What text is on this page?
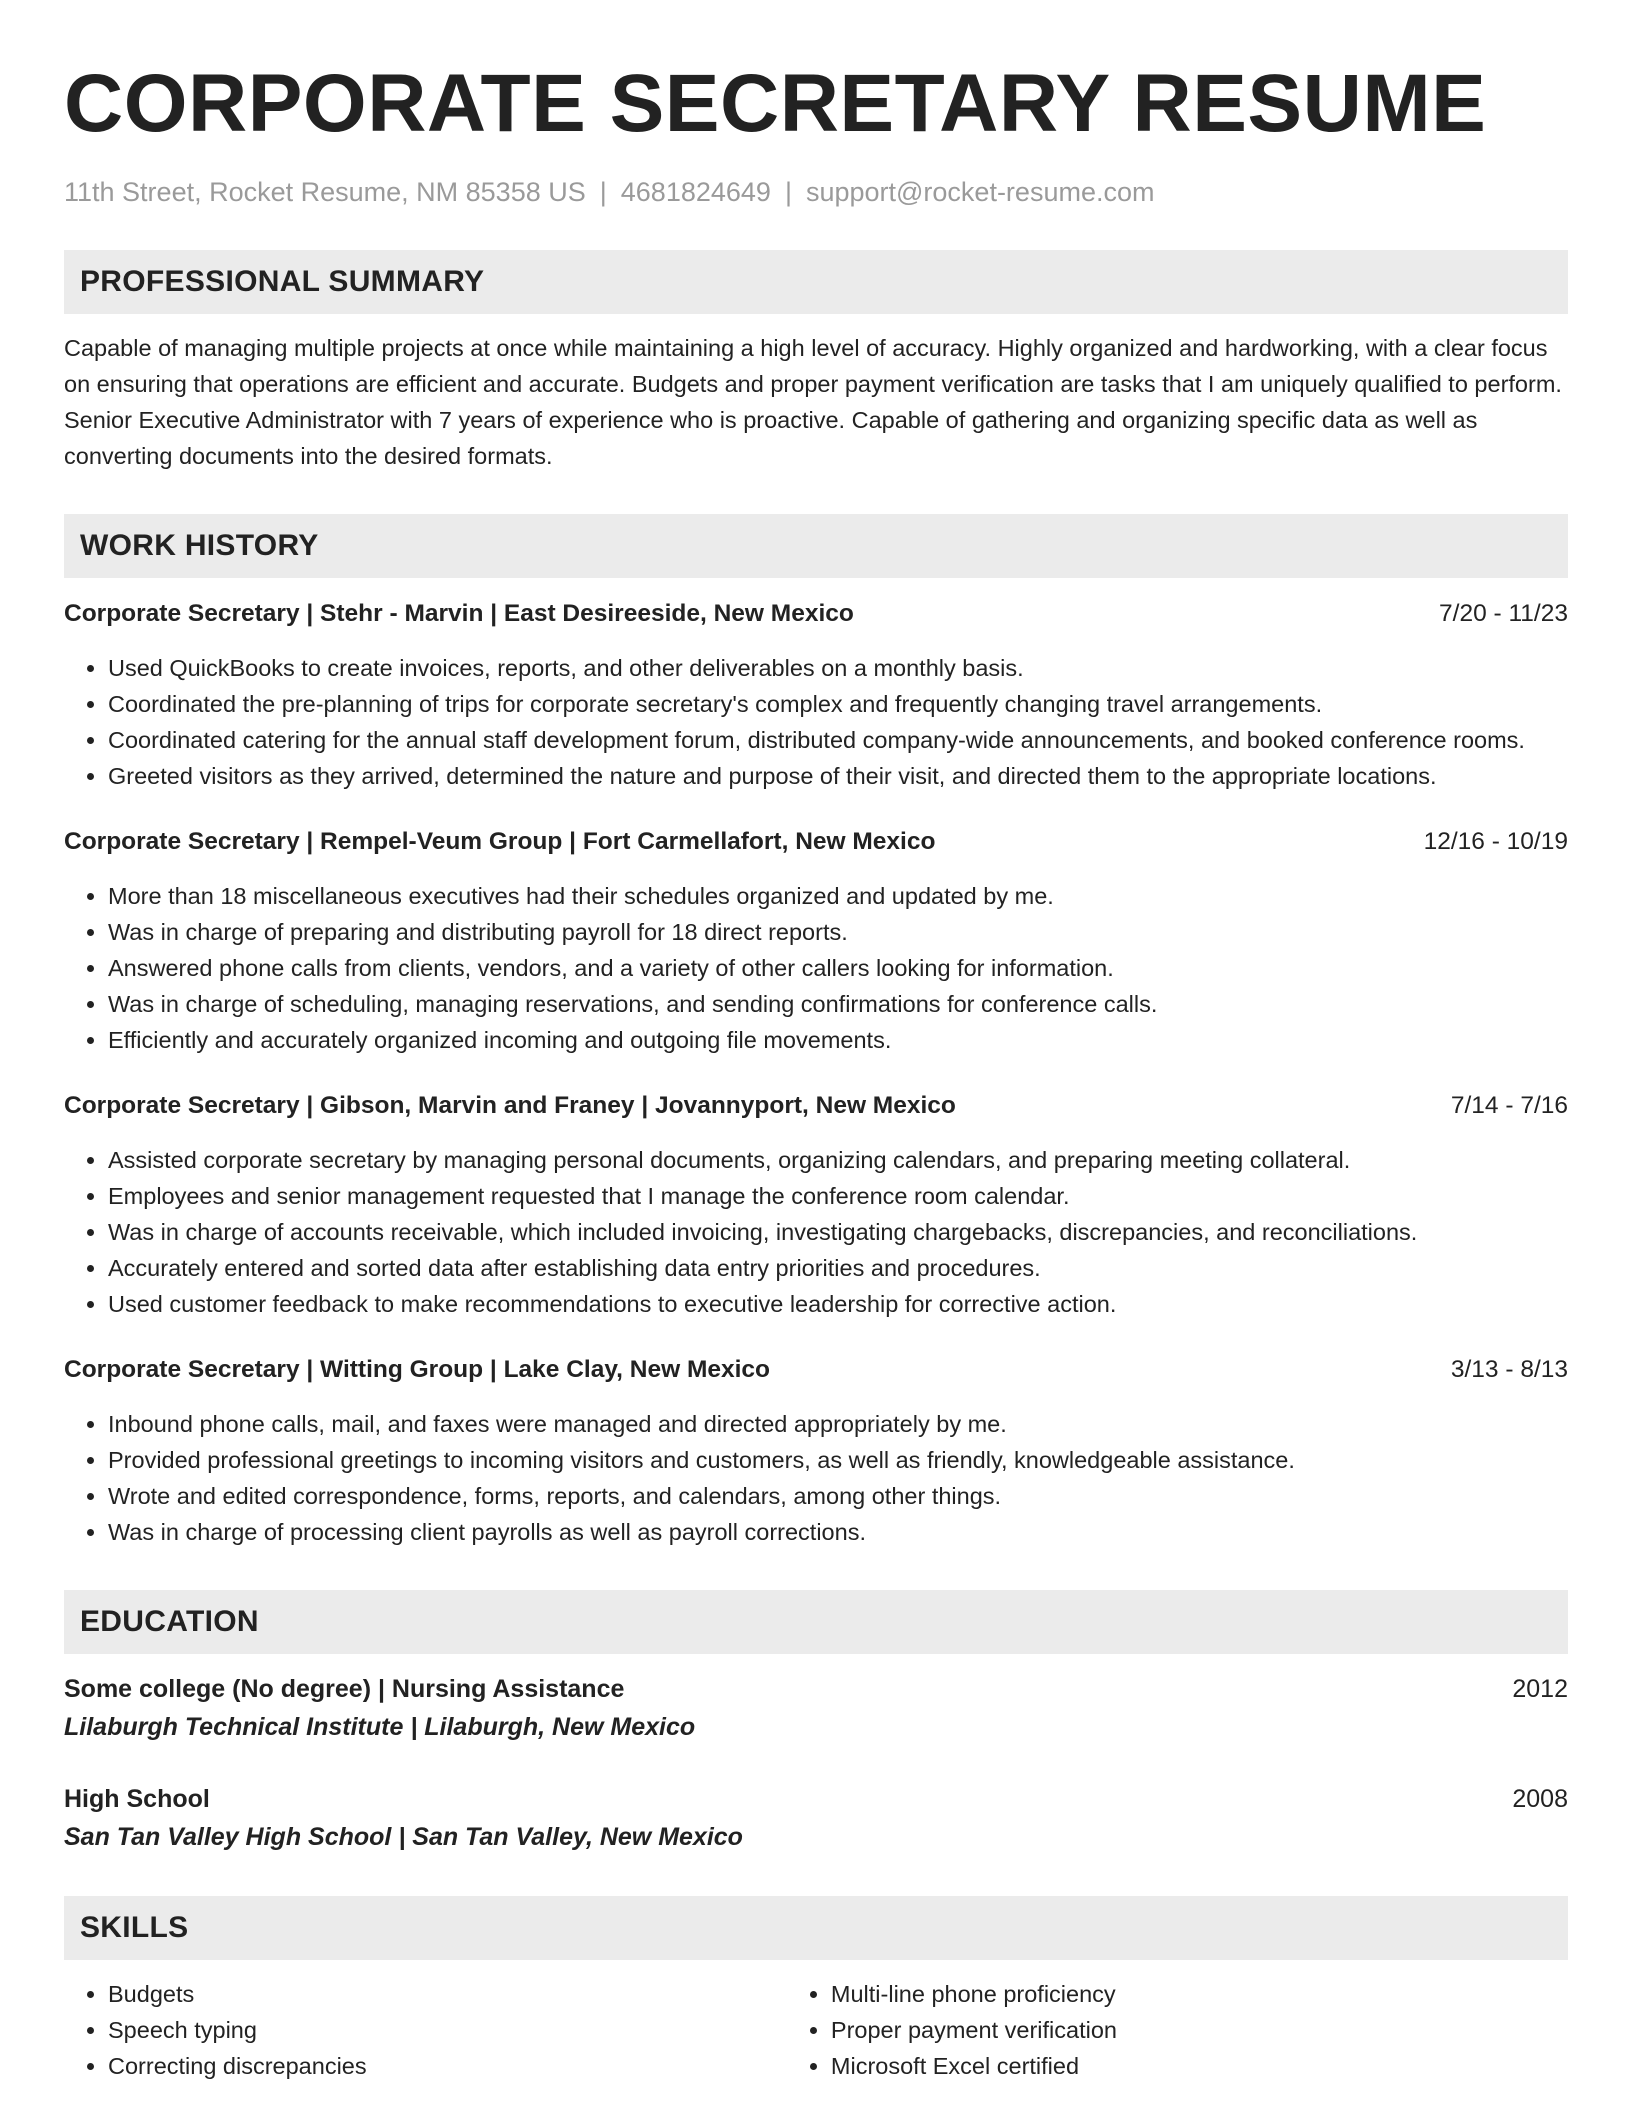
CORPORATE SECRETARY RESUME
11th Street, Rocket Resume, NM 85358 US | 4681824649 | support@rocket-resume.com
PROFESSIONAL SUMMARY
Capable of managing multiple projects at once while maintaining a high level of accuracy. Highly organized and hardworking, with a clear focus on ensuring that operations are efficient and accurate. Budgets and proper payment verification are tasks that I am uniquely qualified to perform. Senior Executive Administrator with 7 years of experience who is proactive. Capable of gathering and organizing specific data as well as converting documents into the desired formats.
WORK HISTORY
Corporate Secretary | Stehr - Marvin | East Desireeside, New Mexico	7/20 - 11/23
• Used QuickBooks to create invoices, reports, and other deliverables on a monthly basis.
• Coordinated the pre-planning of trips for corporate secretary's complex and frequently changing travel arrangements.
• Coordinated catering for the annual staff development forum, distributed company-wide announcements, and booked conference rooms.
• Greeted visitors as they arrived, determined the nature and purpose of their visit, and directed them to the appropriate locations.
Corporate Secretary | Rempel-Veum Group | Fort Carmellafort, New Mexico	12/16 - 10/19
• More than 18 miscellaneous executives had their schedules organized and updated by me.
• Was in charge of preparing and distributing payroll for 18 direct reports.
• Answered phone calls from clients, vendors, and a variety of other callers looking for information.
• Was in charge of scheduling, managing reservations, and sending confirmations for conference calls.
• Efficiently and accurately organized incoming and outgoing file movements.
Corporate Secretary | Gibson, Marvin and Franey | Jovannyport, New Mexico	7/14 - 7/16
• Assisted corporate secretary by managing personal documents, organizing calendars, and preparing meeting collateral.
• Employees and senior management requested that I manage the conference room calendar.
• Was in charge of accounts receivable, which included invoicing, investigating chargebacks, discrepancies, and reconciliations.
• Accurately entered and sorted data after establishing data entry priorities and procedures.
• Used customer feedback to make recommendations to executive leadership for corrective action.
Corporate Secretary | Witting Group | Lake Clay, New Mexico	3/13 - 8/13
• Inbound phone calls, mail, and faxes were managed and directed appropriately by me.
• Provided professional greetings to incoming visitors and customers, as well as friendly, knowledgeable assistance.
• Wrote and edited correspondence, forms, reports, and calendars, among other things.
• Was in charge of processing client payrolls as well as payroll corrections.
EDUCATION
Some college (No degree) | Nursing Assistance	2012
Lilaburgh Technical Institute | Lilaburgh, New Mexico
High School	2008
San Tan Valley High School | San Tan Valley, New Mexico
SKILLS
• Budgets
• Speech typing
• Correcting discrepancies
• Multi-line phone proficiency
• Proper payment verification
• Microsoft Excel certified
